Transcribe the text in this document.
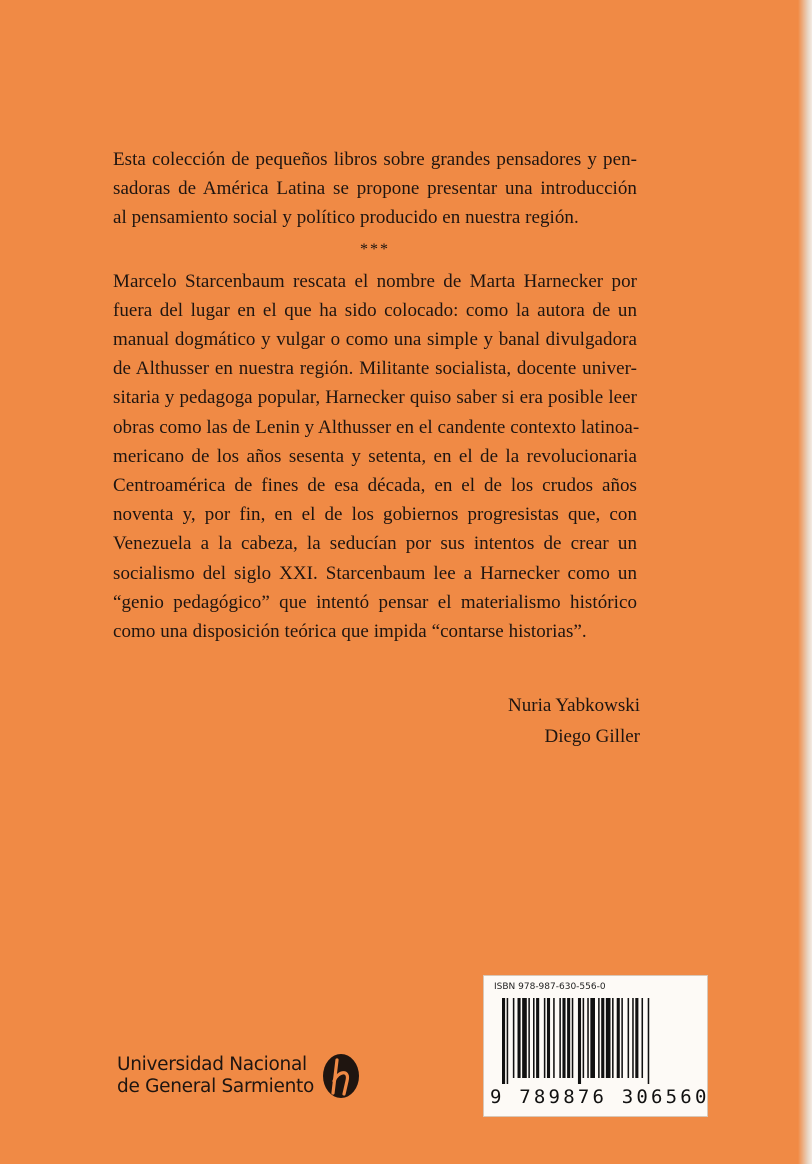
Esta colección de pequeños libros sobre grandes pensadores y pen-
sadoras de América Latina se propone presentar una introducción
al pensamiento social y político producido en nuestra región.

***

Marcelo Starcenbaum rescata el nombre de Marta Harnecker por
fuera del lugar en el que ha sido colocado: como la autora de un
manual dogmático y vulgar o como una simple y banal divulgadora
de Althusser en nuestra región. Militante socialista, docente univer-
sitaria y pedagoga popular, Harnecker quiso saber si era posible leer
obras como las de Lenin y Althusser en el candente contexto latinoa-
mericano de los años sesenta y setenta, en el de la revolucionaria
Centroamérica de fines de esa década, en el de los crudos años
noventa y, por fin, en el de los gobiernos progresistas que, con
Venezuela a la cabeza, la seducían por sus intentos de crear un
socialismo del siglo XXI. Starcenbaum lee a Harnecker como un
“genio pedagógico” que intentó pensar el materialismo histórico
como una disposición teórica que impida “contarse historias”.

Nuria Yabkowski
Diego Giller
Universidad Nacional
de General Sarmiento
ISBN 978-987-630-556-0
9 789876 306560
